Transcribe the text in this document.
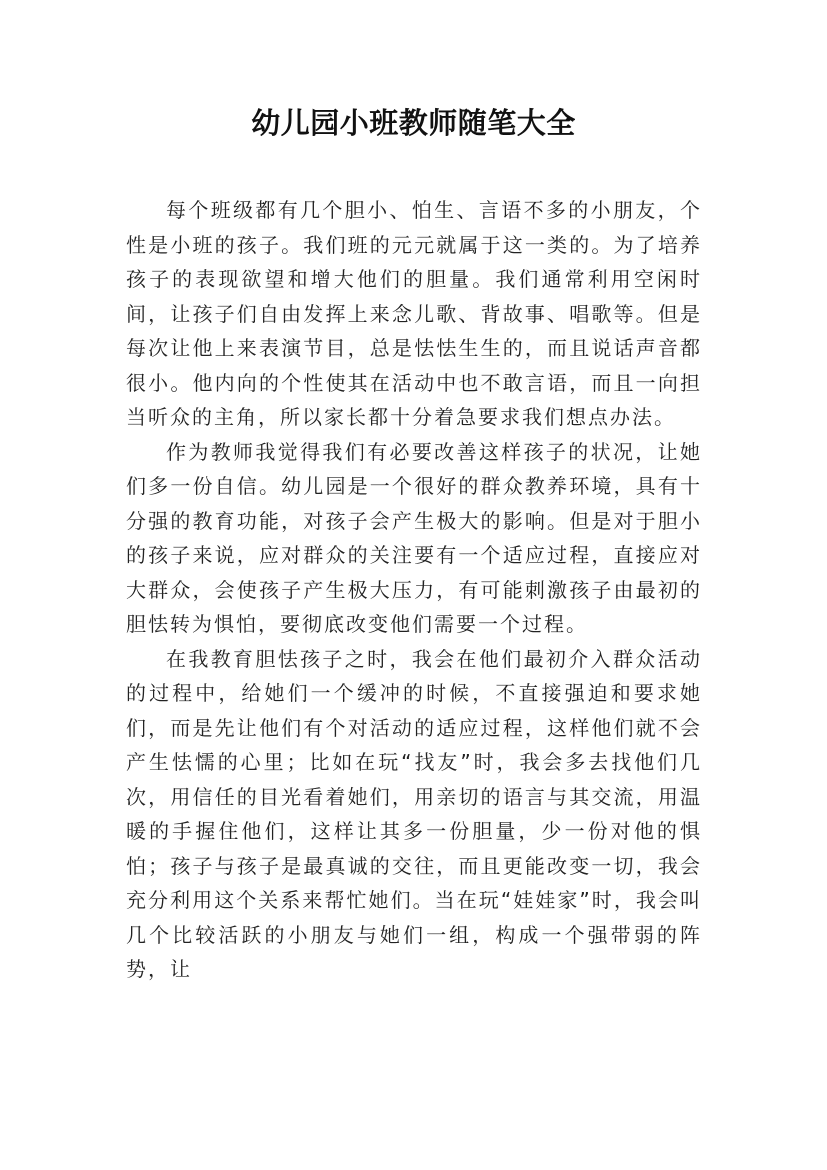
幼儿园小班教师随笔大全

每个班级都有几个胆小、怕生、言语不多的小朋友，个性是小班的孩子。我们班的元元就属于这一类的。为了培养孩子的表现欲望和增大他们的胆量。我们通常利用空闲时间，让孩子们自由发挥上来念儿歌、背故事、唱歌等。但是每次让他上来表演节目，总是怯怯生生的，而且说话声音都很小。他内向的个性使其在活动中也不敢言语，而且一向担当听众的主角，所以家长都十分着急要求我们想点办法。

作为教师我觉得我们有必要改善这样孩子的状况，让她们多一份自信。幼儿园是一个很好的群众教养环境，具有十分强的教育功能，对孩子会产生极大的影响。但是对于胆小的孩子来说，应对群众的关注要有一个适应过程，直接应对大群众，会使孩子产生极大压力，有可能刺激孩子由最初的胆怯转为惧怕，要彻底改变他们需要一个过程。

在我教育胆怯孩子之时，我会在他们最初介入群众活动的过程中，给她们一个缓冲的时候，不直接强迫和要求她们，而是先让他们有个对活动的适应过程，这样他们就不会产生怯懦的心里；比如在玩“找友”时，我会多去找他们几次，用信任的目光看着她们，用亲切的语言与其交流，用温暖的手握住他们，这样让其多一份胆量，少一份对他的惧怕；孩子与孩子是最真诚的交往，而且更能改变一切，我会充分利用这个关系来帮忙她们。当在玩“娃娃家”时，我会叫几个比较活跃的小朋友与她们一组，构成一个强带弱的阵势，让
